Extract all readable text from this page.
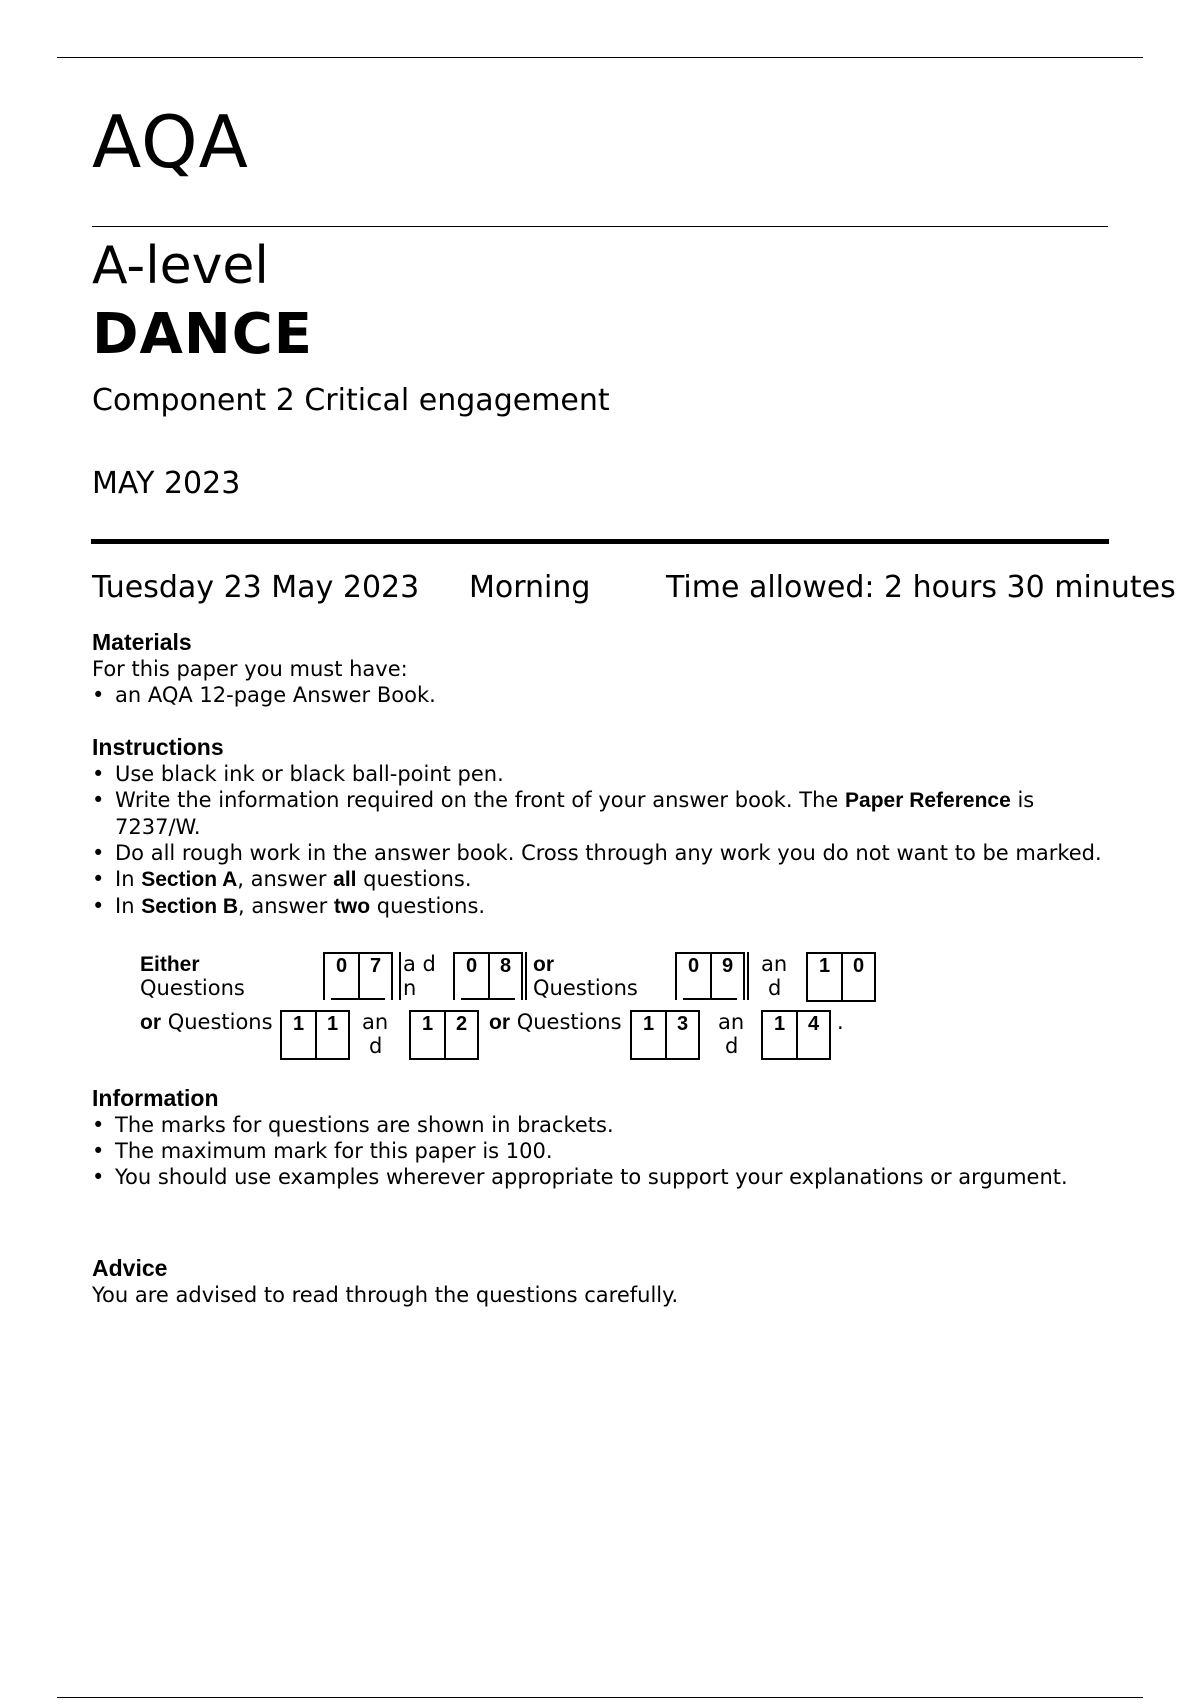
AQA
A-level
DANCE
Component 2 Critical engagement
MAY 2023
Tuesday 23 May 2023 Morning	Time allowed: 2 hours 30 minutes
Materials

For this paper you must have:

• an AQA 12-page Answer Book.
Instructions
• Use black ink or black ball-point pen.
• Write the information required on the front of your answer book. The Paper Reference is 7237/W.
• Do all rough work in the answer book. Cross through any work you do not want to be marked.
• In Section A, answer all questions.
• In Section B, answer two questions.
Either
Questions
0	7	a d
n
0	8	or
Questions
0	9	an
d
1	0
or Questions	1	1	an
d
1	2	or Questions	1	3	an
d
1	4 .
Information
• The marks for questions are shown in brackets.
• The maximum mark for this paper is 100.
• You should use examples wherever appropriate to support your explanations or argument.
Advice

You are advised to read through the questions carefully.
